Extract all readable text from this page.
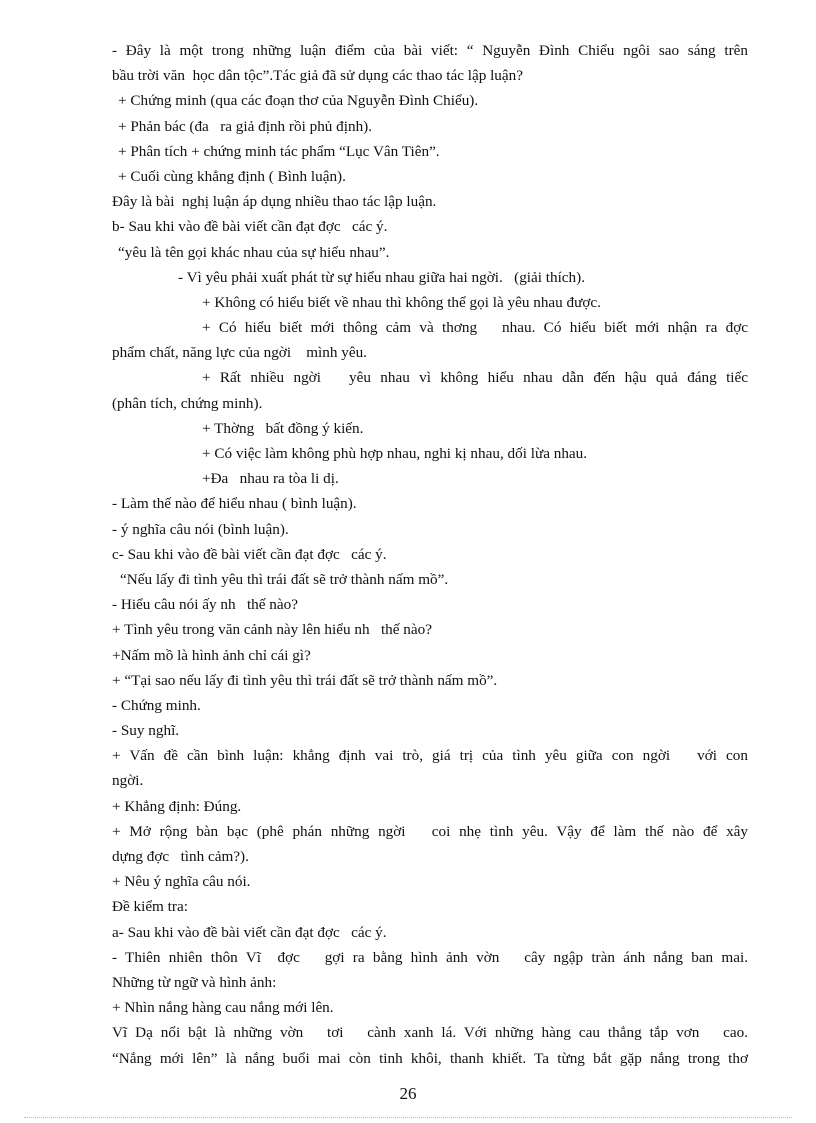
- Đây là một trong những luận điểm của bài viết: “ Nguyễn Đình Chiểu ngôi sao sáng trên
bầu trời văn  học dân tộc”.Tác giả đã sử dụng các thao tác lập luận?
+ Chứng minh (qua các đoạn thơ của Nguyễn Đình Chiểu).
+ Phản bác (đa   ra giả định rồi phủ định).
+ Phân tích + chứng minh tác phẩm “Lục Vân Tiên”.
+ Cuối cùng khẳng định ( Bình luận).
Đây là bài  nghị luận áp dụng nhiều thao tác lập luận.
b- Sau khi vào đề bài viết cần đạt đợc   các ý.
“yêu là tên gọi khác nhau của sự hiểu nhau”.
- Vì yêu phải xuất phát từ sự hiểu nhau giữa hai ngời.   (giải thích).
+ Không có hiểu biết về nhau thì không thể gọi là yêu nhau được.
+ Có hiểu biết mới thông cảm và thơng   nhau. Có hiểu biết mới nhận ra đợc
phẩm chất, năng lực của ngời    mình yêu.
+ Rất nhiều ngời   yêu nhau vì không hiểu nhau dẫn đến hậu quả đáng tiếc
(phân tích, chứng minh).
+ Thờng   bất đồng ý kiến.
+ Có việc làm không phù hợp nhau, nghi kị nhau, dối lừa nhau.
+Đa   nhau ra tòa li dị.
- Làm thế nào để hiểu nhau ( bình luận).
- ý nghĩa câu nói (bình luận).
c- Sau khi vào đề bài viết cần đạt đợc   các ý.
“Nếu lấy đi tình yêu thì trái đất sẽ trở thành nấm mồ”.
- Hiểu câu nói ấy nh   thế nào?
+ Tình yêu trong văn cảnh này lên hiểu nh   thế nào?
+Nấm mồ là hình ảnh chỉ cái gì?
+ “Tại sao nếu lấy đi tình yêu thì trái đất sẽ trở thành nấm mồ”.
- Chứng minh.
- Suy nghĩ.
+ Vấn đề cần bình luận: khẳng định vai trò, giá trị của tình yêu giữa con ngời   với con
ngời.
+ Khẳng định: Đúng.
+ Mở rộng bàn bạc (phê phán những ngời   coi nhẹ tình yêu. Vậy để làm thế nào để xây
dựng đợc   tình cảm?).
+ Nêu ý nghĩa câu nói.
Đề kiểm tra:
a- Sau khi vào đề bài viết cần đạt đợc   các ý.
- Thiên nhiên thôn Vĩ  đợc   gợi ra bằng hình ảnh vờn   cây ngập tràn ánh nắng ban mai.
Những từ ngữ và hình ảnh:
+ Nhìn nắng hàng cau nắng mới lên.
Vĩ Dạ nổi bật là những vờn   tơi   cành xanh lá. Với những hàng cau thẳng tắp vơn   cao.
“Nắng mới lên” là nắng buổi mai còn tinh khôi, thanh khiết. Ta từng bắt gặp nắng trong thơ
26
